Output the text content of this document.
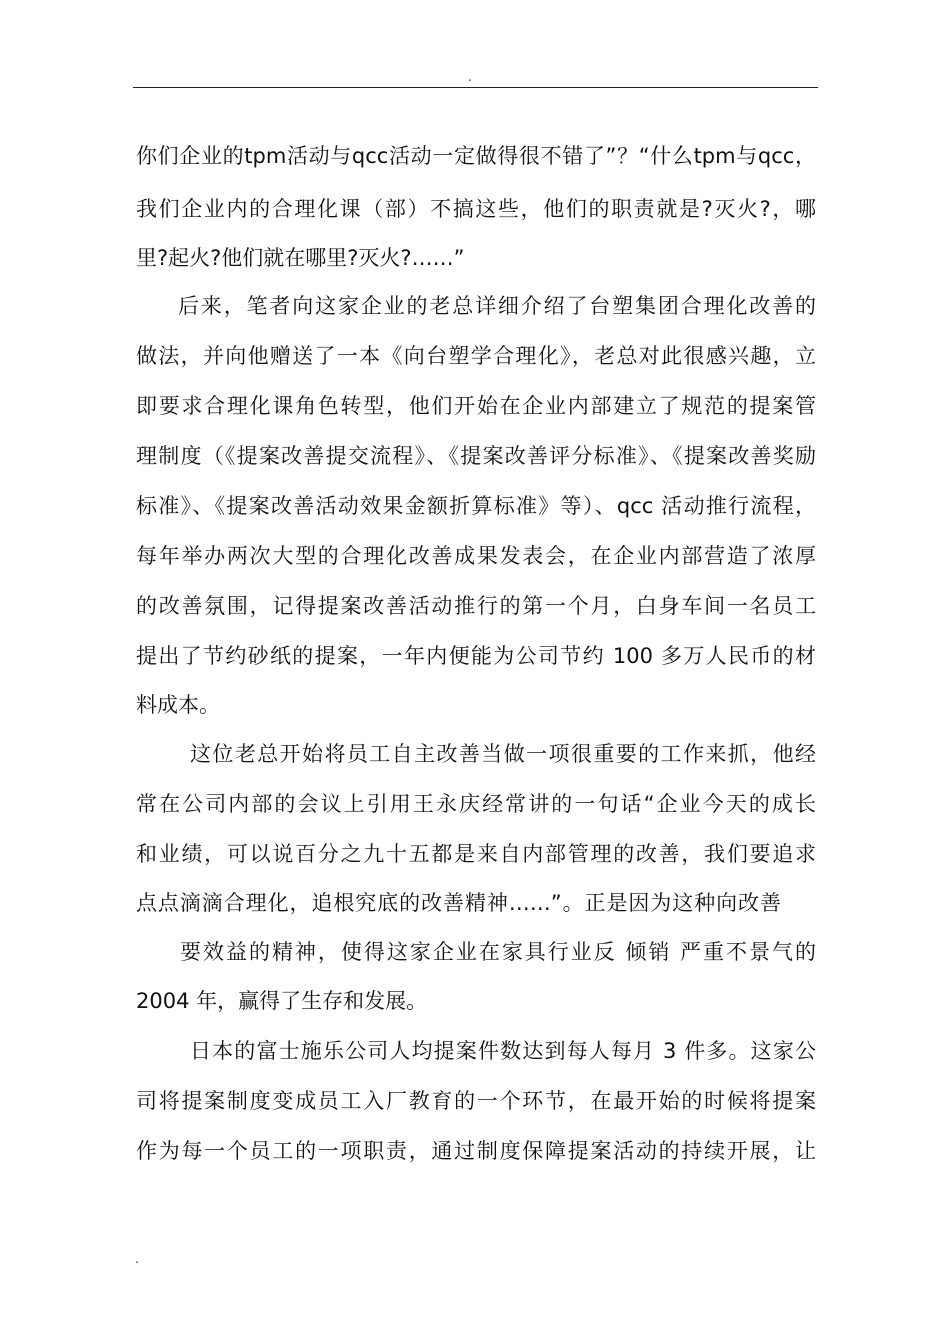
.
你们企业的tpm活动与qcc活动一定做得很不错了”？“什么tpm与qcc，
我们企业内的合理化课（部）不搞这些，他们的职责就是?灭火?，哪
里?起火?他们就在哪里?灭火?……”
后来，笔者向这家企业的老总详细介绍了台塑集团合理化改善的
做法，并向他赠送了一本《向台塑学合理化》，老总对此很感兴趣，立
即要求合理化课角色转型，他们开始在企业内部建立了规范的提案管
理制度（《提案改善提交流程》、《提案改善评分标准》、《提案改善奖励
标准》、《提案改善活动效果金额折算标准》等）、qcc 活动推行流程，
每年举办两次大型的合理化改善成果发表会，在企业内部营造了浓厚
的改善氛围，记得提案改善活动推行的第一个月，白身车间一名员工
提出了节约砂纸的提案，一年内便能为公司节约 100 多万人民币的材
料成本。
这位老总开始将员工自主改善当做一项很重要的工作来抓，他经
常在公司内部的会议上引用王永庆经常讲的一句话“企业今天的成长
和业绩，可以说百分之九十五都是来自内部管理的改善，我们要追求
点点滴滴合理化，追根究底的改善精神……”。正是因为这种向改善
要效益的精神，使得这家企业在家具行业反 倾销 严重不景气的
2004 年，赢得了生存和发展。
日本的富士施乐公司人均提案件数达到每人每月 3 件多。这家公
司将提案制度变成员工入厂教育的一个环节，在最开始的时候将提案
作为每一个员工的一项职责，通过制度保障提案活动的持续开展，让
.
